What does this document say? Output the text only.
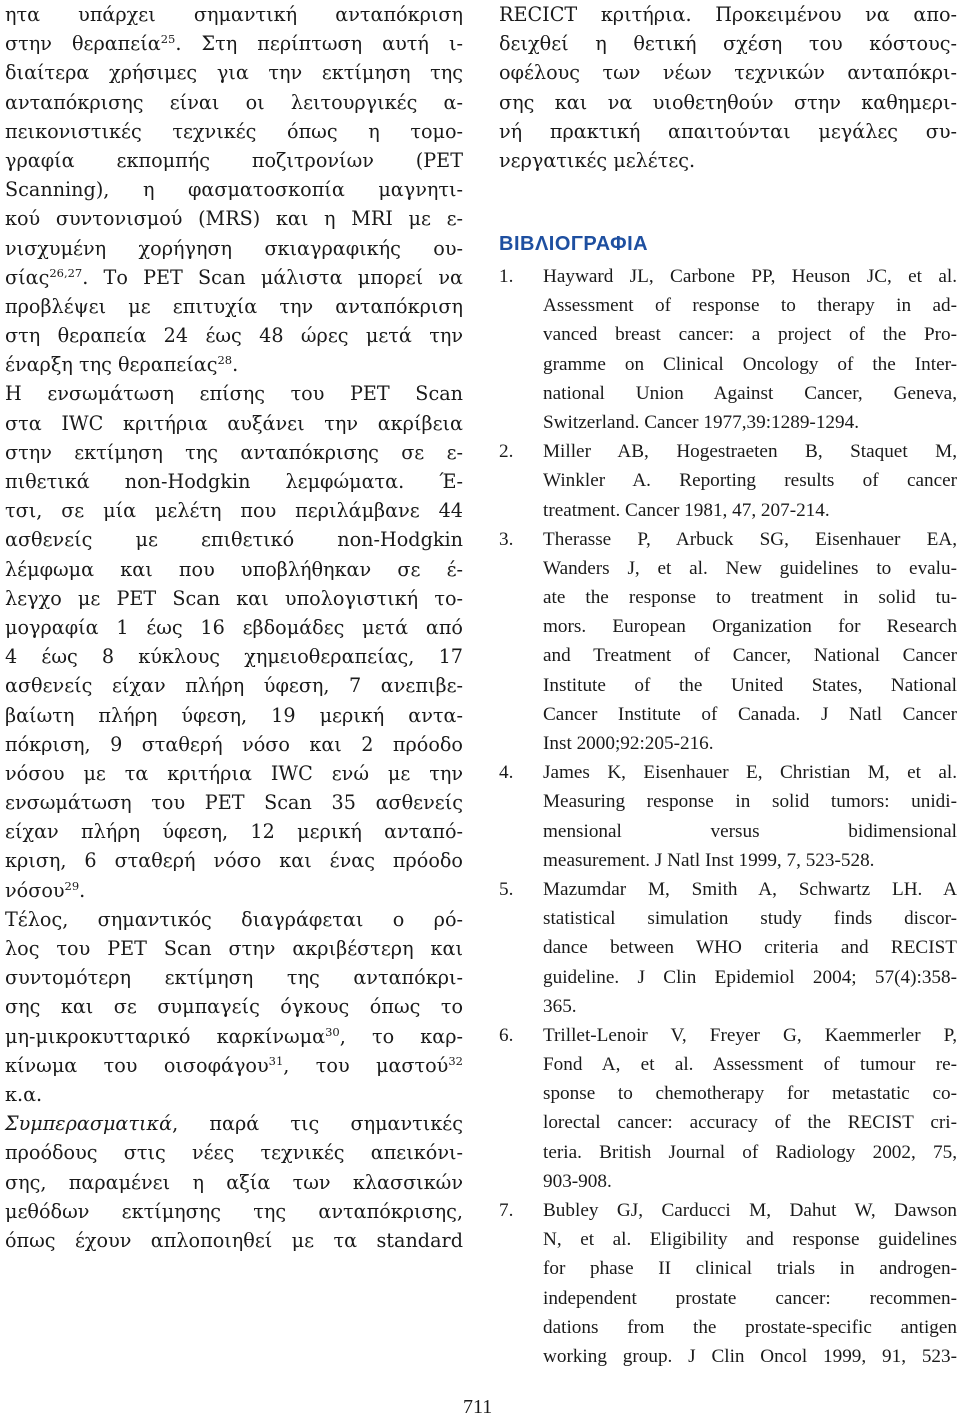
ητα υπάρχει σημαντική ανταπόκριση
στην θεραπεία$^{25}$. Στη περίπτωση αυτή ι-
διαίτερα χρήσιμες για την εκτίμηση της
ανταπόκρισης είναι οι λειτουργικές α-
πεικονιστικές τεχνικές όπως η τομο-
γραφία εκπομπής ποζιτρονίων (PET
Scanning), η φασματοσκοπία μαγνητι-
κού συντονισμού (MRS) και η MRI με ε-
νισχυμένη χορήγηση σκιαγραφικής ου-
σίας$^{26,27}$. Το PET Scan μάλιστα μπορεί να
προβλέψει με επιτυχία την ανταπόκριση
στη θεραπεία 24 έως 48 ώρες μετά την
έναρξη της θεραπείας$^{28}$.
Η ενσωμάτωση επίσης του PET Scan
στα IWC κριτήρια αυξάνει την ακρίβεια
στην εκτίμηση της ανταπόκρισης σε ε-
πιθετικά non-Hodgkin λεμφώματα. Έ-
τσι, σε μία μελέτη που περιλάμβανε 44
ασθενείς με επιθετικό non-Hodgkin
λέμφωμα και που υποβλήθηκαν σε έ-
λεγχο με PET Scan και υπολογιστική το-
μογραφία 1 έως 16 εβδομάδες μετά από
4 έως 8 κύκλους χημειοθεραπείας, 17
ασθενείς είχαν πλήρη ύφεση, 7 ανεπιβε-
βαίωτη πλήρη ύφεση, 19 μερική αντα-
πόκριση, 9 σταθερή νόσο και 2 πρόοδο
νόσου με τα κριτήρια IWC ενώ με την
ενσωμάτωση του PET Scan 35 ασθενείς
είχαν πλήρη ύφεση, 12 μερική ανταπό-
κριση, 6 σταθερή νόσο και ένας πρόοδο
νόσου$^{29}$.
Τέλος, σημαντικός διαγράφεται ο ρό-
λος του PET Scan στην ακριβέστερη και
συντομότερη εκτίμηση της ανταπόκρι-
σης και σε συμπαγείς όγκους όπως το
μη-μικροκυτταρικό καρκίνωμα$^{30}$, το καρ-
κίνωμα του οισοφάγου$^{31}$, του μαστού$^{32}$
κ.α.
Συμπερασματικά, παρά τις σημαντικές
προόδους στις νέες τεχνικές απεικόνι-
σης, παραμένει η αξία των κλασσικών
μεθόδων εκτίμησης της ανταπόκρισης,
όπως έχουν απλοποιηθεί με τα standard
RECICT κριτήρια. Προκειμένου να απο-
δειχθεί η θετική σχέση του κόστους-
οφέλους των νέων τεχνικών ανταπόκρι-
σης και να υιοθετηθούν στην καθημερι-
νή πρακτική απαιτούνται μεγάλες συ-
νεργατικές μελέτες.
ΒΙΒΛΙΟΓΡΑΦΙΑ
1. Hayward JL, Carbone PP, Heuson JC, et al.
Assessment of response to therapy in ad-
vanced breast cancer: a project of the Pro-
gramme on Clinical Oncology of the Inter-
national Union Against Cancer, Geneva,
Switzerland. Cancer 1977,39:1289-1294.
2. Miller AB, Hogestraeten B, Staquet M,
Winkler A. Reporting results of cancer
treatment. Cancer 1981, 47, 207-214.
3. Therasse P, Arbuck SG, Eisenhauer EA,
Wanders J, et al. New guidelines to evalu-
ate the response to treatment in solid tu-
mors. European Organization for Research
and Treatment of Cancer, National Cancer
Institute of the United States, National
Cancer Institute of Canada. J Natl Cancer
Inst 2000;92:205-216.
4. James K, Eisenhauer E, Christian M, et al.
Measuring response in solid tumors: unidi-
mensional versus bidimensional
measurement. J Natl Inst 1999, 7, 523-528.
5. Mazumdar M, Smith A, Schwartz LH. A
statistical simulation study finds discor-
dance between WHO criteria and RECIST
guideline. J Clin Epidemiol 2004; 57(4):358-
365.
6. Trillet-Lenoir V, Freyer G, Kaemmerler P,
Fond A, et al. Assessment of tumour re-
sponse to chemotherapy for metastatic co-
lorectal cancer: accuracy of the RECIST cri-
teria. British Journal of Radiology 2002, 75,
903-908.
7. Bubley GJ, Carducci M, Dahut W, Dawson
N, et al. Eligibility and response guidelines
for phase II clinical trials in androgen-
independent prostate cancer: recommen-
dations from the prostate-specific antigen
working group. J Clin Oncol 1999, 91, 523-
711
